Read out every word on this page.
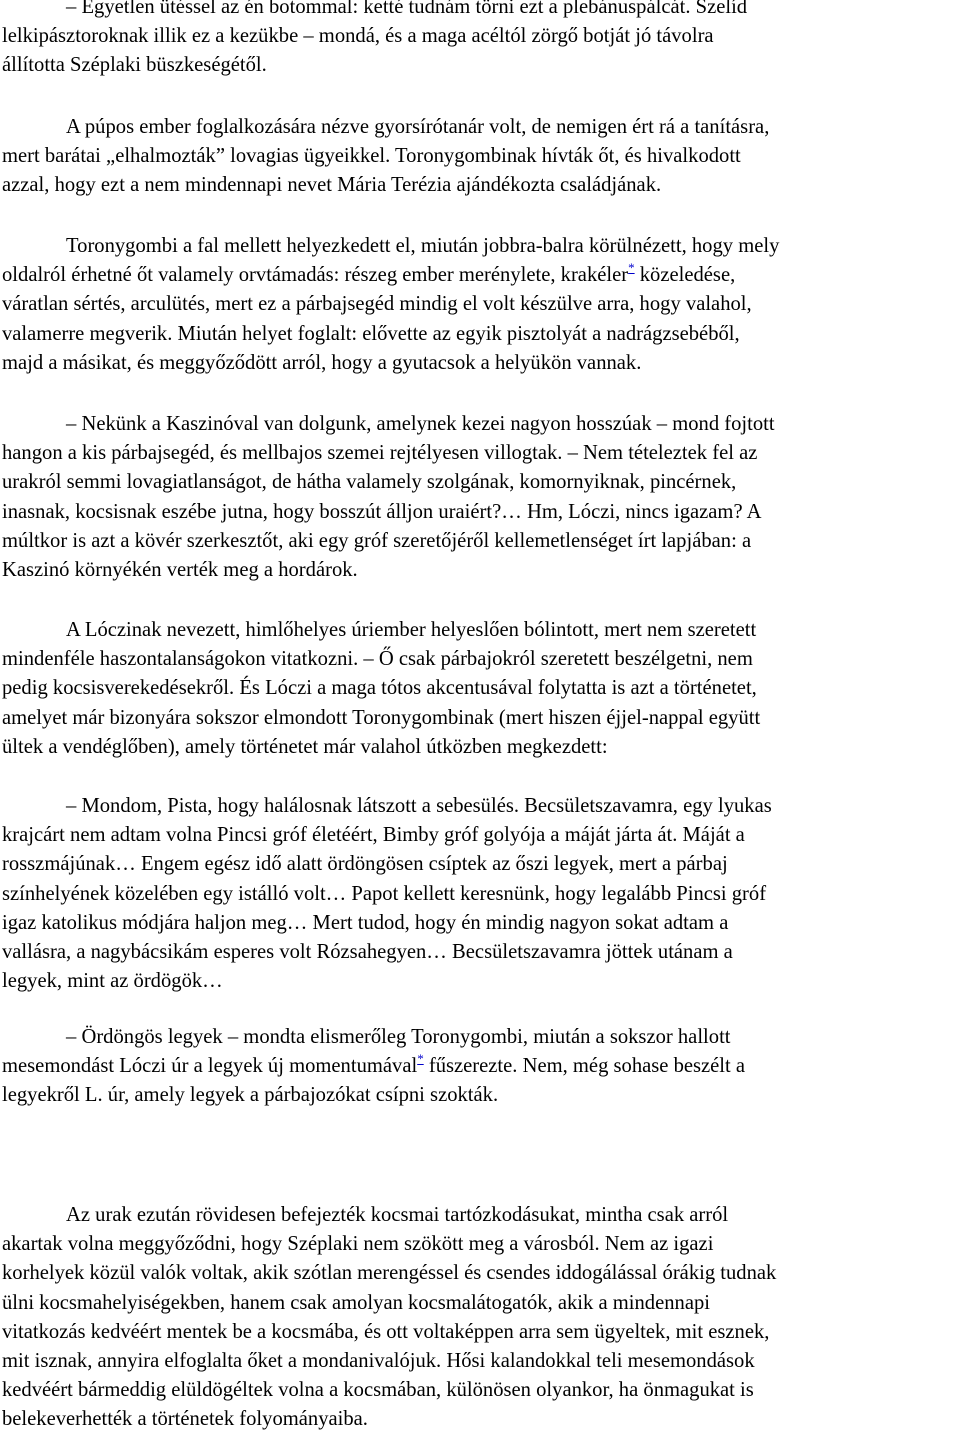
– Egyetlen ütéssel az én botommal: ketté tudnám törni ezt a plebánuspálcát. Szelíd
lelkipásztoroknak illik ez a kezükbe – mondá, és a maga acéltól zörgő botját jó távolra
állította Széplaki büszkeségétől.
A púpos ember foglalkozására nézve gyorsírótanár volt, de nemigen ért rá a tanításra,
mert barátai „elhalmozták” lovagias ügyeikkel. Toronygombinak hívták őt, és hivalkodott
azzal, hogy ezt a nem mindennapi nevet Mária Terézia ajándékozta családjának.
Toronygombi a fal mellett helyezkedett el, miután jobbra-balra körülnézett, hogy mely
oldalról érhetné őt valamely orvtámadás: részeg ember merénylete, krakéler* közeledése,
váratlan sértés, arculütés, mert ez a párbajsegéd mindig el volt készülve arra, hogy valahol,
valamerre megverik. Miután helyet foglalt: elővette az egyik pisztolyát a nadrágzsebéből,
majd a másikat, és meggyőződött arról, hogy a gyutacsok a helyükön vannak.
– Nekünk a Kaszinóval van dolgunk, amelynek kezei nagyon hosszúak – mond fojtott
hangon a kis párbajsegéd, és mellbajos szemei rejtélyesen villogtak. – Nem tételeztek fel az
urakról semmi lovagiatlanságot, de hátha valamely szolgának, komornyiknak, pincérnek,
inasnak, kocsisnak eszébe jutna, hogy bosszút álljon uraiért?… Hm, Lóczi, nincs igazam? A
múltkor is azt a kövér szerkesztőt, aki egy gróf szeretőjéről kellemetlenséget írt lapjában: a
Kaszinó környékén verték meg a hordárok.
A Lóczinak nevezett, himlőhelyes úriember helyeslően bólintott, mert nem szeretett
mindenféle haszontalanságokon vitatkozni. – Ő csak párbajokról szeretett beszélgetni, nem
pedig kocsisverekedésekről. És Lóczi a maga tótos akcentusával folytatta is azt a történetet,
amelyet már bizonyára sokszor elmondott Toronygombinak (mert hiszen éjjel-nappal együtt
ültek a vendéglőben), amely történetet már valahol útközben megkezdett:
– Mondom, Pista, hogy halálosnak látszott a sebesülés. Becsületszavamra, egy lyukas
krajcárt nem adtam volna Pincsi gróf életéért, Bimby gróf golyója a máját járta át. Máját a
rosszmájúnak… Engem egész idő alatt ördöngösen csíptek az őszi legyek, mert a párbaj
színhelyének közelében egy istálló volt… Papot kellett keresnünk, hogy legalább Pincsi gróf
igaz katolikus módjára haljon meg… Mert tudod, hogy én mindig nagyon sokat adtam a
vallásra, a nagybácsikám esperes volt Rózsahegyen… Becsületszavamra jöttek utánam a
legyek, mint az ördögök…
– Ördöngös legyek – mondta elismerőleg Toronygombi, miután a sokszor hallott
mesemondást Lóczi úr a legyek új momentumával* fűszerezte. Nem, még sohase beszélt a
legyekről L. úr, amely legyek a párbajozókat csípni szokták.
Az urak ezután rövidesen befejezték kocsmai tartózkodásukat, mintha csak arról
akartak volna meggyőződni, hogy Széplaki nem szökött meg a városból. Nem az igazi
korhelyek közül valók voltak, akik szótlan merengéssel és csendes iddogálással órákig tudnak
ülni kocsmahelyiségekben, hanem csak amolyan kocsmalátogatók, akik a mindennapi
vitatkozás kedvéért mentek be a kocsmába, és ott voltaképpen arra sem ügyeltek, mit esznek,
mit isznak, annyira elfoglalta őket a mondanivalójuk. Hősi kalandokkal teli mesemondások
kedvéért bármeddig elüldögéltek volna a kocsmában, különösen olyankor, ha önmagukat is
belekeverhették a történetek folyományaiba.
